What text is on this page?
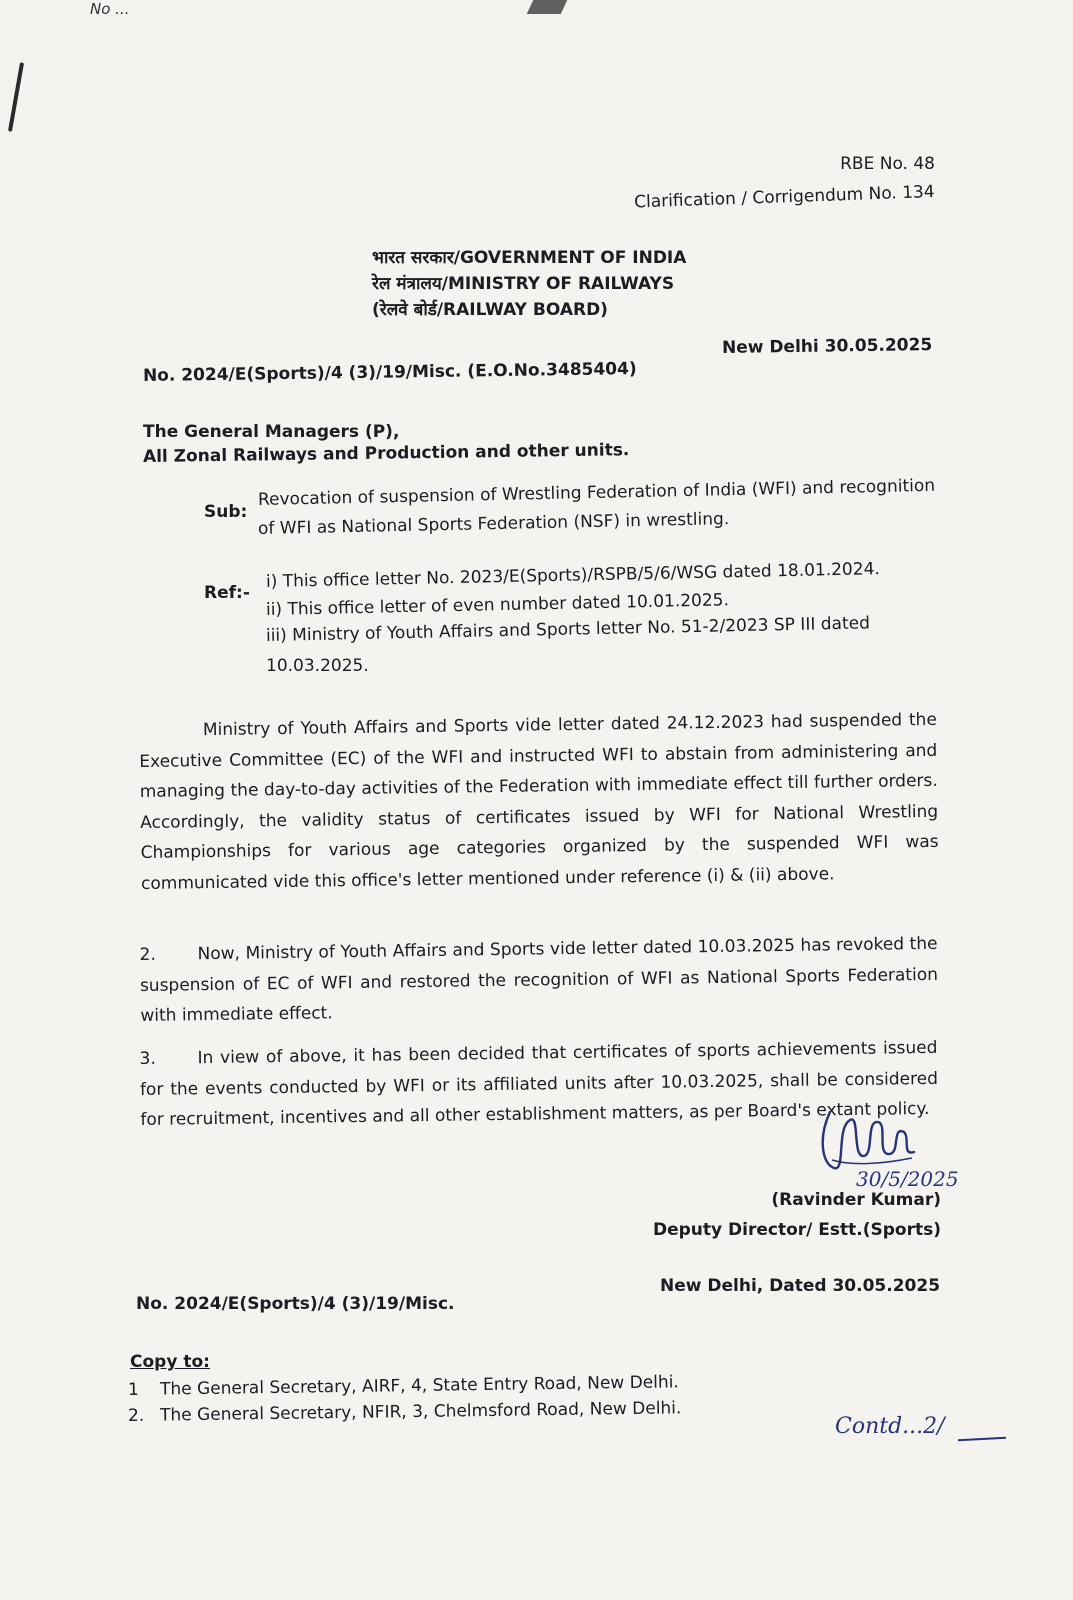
No ...
RBE No. 48
Clarification / Corrigendum No. 134
भारत सरकार/GOVERNMENT OF INDIA
रेल मंत्रालय/MINISTRY OF RAILWAYS
(रेलवे बोर्ड/RAILWAY BOARD)
No. 2024/E(Sports)/4 (3)/19/Misc. (E.O.No.3485404)
New Delhi 30.05.2025
The General Managers (P),
All Zonal Railways and Production and other units.
Sub:
Revocation of suspension of Wrestling Federation of India (WFI) and recognition
of WFI as National Sports Federation (NSF) in wrestling.
Ref:-
i) This office letter No. 2023/E(Sports)/RSPB/5/6/WSG dated 18.01.2024.
ii) This office letter of even number dated 10.01.2025.
iii) Ministry of Youth Affairs and Sports letter No. 51-2/2023 SP III dated
10.03.2025.
Ministry of Youth Affairs and Sports vide letter dated 24.12.2023 had suspended the Executive Committee (EC) of the WFI and instructed WFI to abstain from administering and managing the day-to-day activities of the Federation with immediate effect till further orders. Accordingly, the validity status of certificates issued by WFI for National Wrestling Championships for various age categories organized by the suspended WFI was communicated vide this office's letter mentioned under reference (i) & (ii) above.
2. Now, Ministry of Youth Affairs and Sports vide letter dated 10.03.2025 has revoked the suspension of EC of WFI and restored the recognition of WFI as National Sports Federation with immediate effect.
3. In view of above, it has been decided that certificates of sports achievements issued for the events conducted by WFI or its affiliated units after 10.03.2025, shall be considered for recruitment, incentives and all other establishment matters, as per Board's extant policy.
30/5/2025
(Ravinder Kumar)
Deputy Director/ Estt.(Sports)
No. 2024/E(Sports)/4 (3)/19/Misc.
New Delhi, Dated 30.05.2025
Copy to:
1 The General Secretary, AIRF, 4, State Entry Road, New Delhi.
2. The General Secretary, NFIR, 3, Chelmsford Road, New Delhi.
Contd...2/
